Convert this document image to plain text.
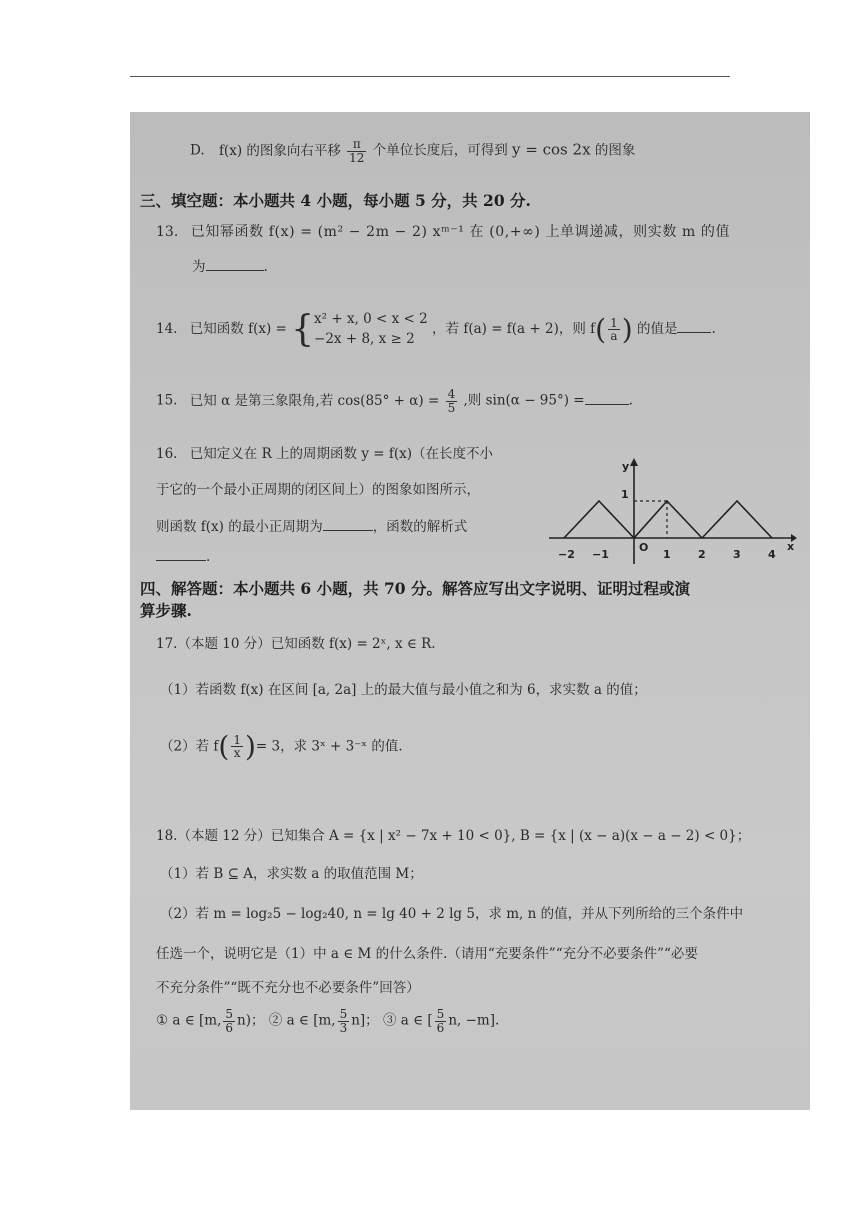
D. f(x) 的图象向右平移 $\frac{\pi}{12}$ 个单位长度后，可得到 y = cos 2x 的图象
三、填空题：本小题共 4 小题，每小题 5 分，共 20 分.
13. 已知幂函数 f(x) = (m² − 2m − 2) xᵐ⁻¹ 在 (0,+∞) 上单调递减，则实数 m 的值
为	.
14. 已知函数 f(x) = {x² + x, 0 < x < 2
−2x + 8, x ≥ 2 ，若 f(a) = f(a + 2)，则 $f( \frac{1}{a}$ ) 的值是	.
15. 已知 α 是第三象限角,若 $\cos(85^\circ + \alpha) = \frac{4}{5}$ ,则 sin(α − 95°) =	.
16. 已知定义在 R 上的周期函数 y = f(x)（在长度不小
于它的一个最小正周期的闭区间上）的图象如图所示，
则函数 f(x) 的最小正周期为	，函数的解析式
.
四、解答题：本小题共 6 小题，共 70 分。解答应写出文字说明、证明过程或演
算步骤.
17.（本题 10 分）已知函数 f(x) = 2ˣ, x ∈ R.
（1）若函数 f(x) 在区间 [a, 2a] 上的最大值与最小值之和为 6，求实数 a 的值；
（2）若 $f( \frac{1}{x}$ )= 3，求 3ˣ + 3⁻ˣ 的值.
18.（本题 12 分）已知集合 A = {x | x² − 7x + 10 < 0}, B = {x | (x − a)(x − a − 2) < 0}；
（1）若 B ⊆ A，求实数 a 的取值范围 M；
（2）若 m = log₂5 − log₂40, n = lg 40 + 2 lg 5，求 m, n 的值，并从下列所给的三个条件中
任选一个，说明它是（1）中 a ∈ M 的什么条件.（请用“充要条件”“充分不必要条件”“必要
不充分条件”“既不充分也不必要条件”回答）
① a ∈ [m, $\frac{5}{6} n$)； ② a ∈ [m, $\frac{5}{3} n$]； ③ a ∈ [ $\frac{5}{6} n$, −m].
y
x
O
1
−2 −1	1 2 3 4
